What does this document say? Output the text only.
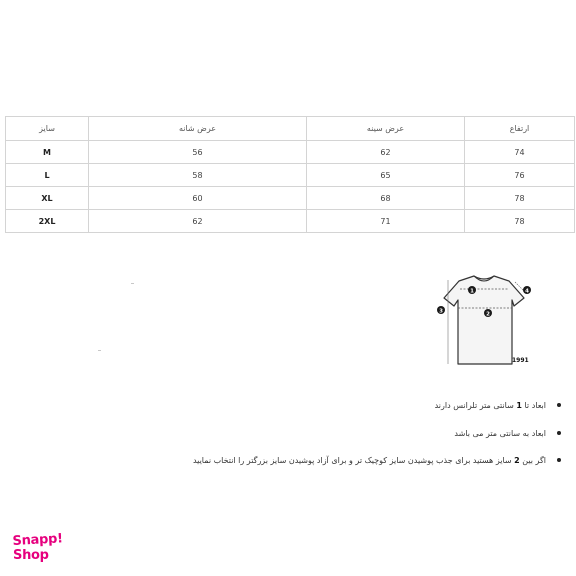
سایز	عرض شانه	عرض سینه	ارتفاع
M	56	62	74
L	58	65	76
XL	60	68	78
2XL	62	71	78
1
2
3
4
1991
ابعاد تا 1 سانتی متر تلرانس دارند
ابعاد به سانتی متر می باشد
اگر بین 2 سایز هستید برای جذب پوشیدن سایز کوچیک تر و برای آزاد پوشیدن سایز بزرگتر را انتخاب نمایید
Snapp!
Shop
